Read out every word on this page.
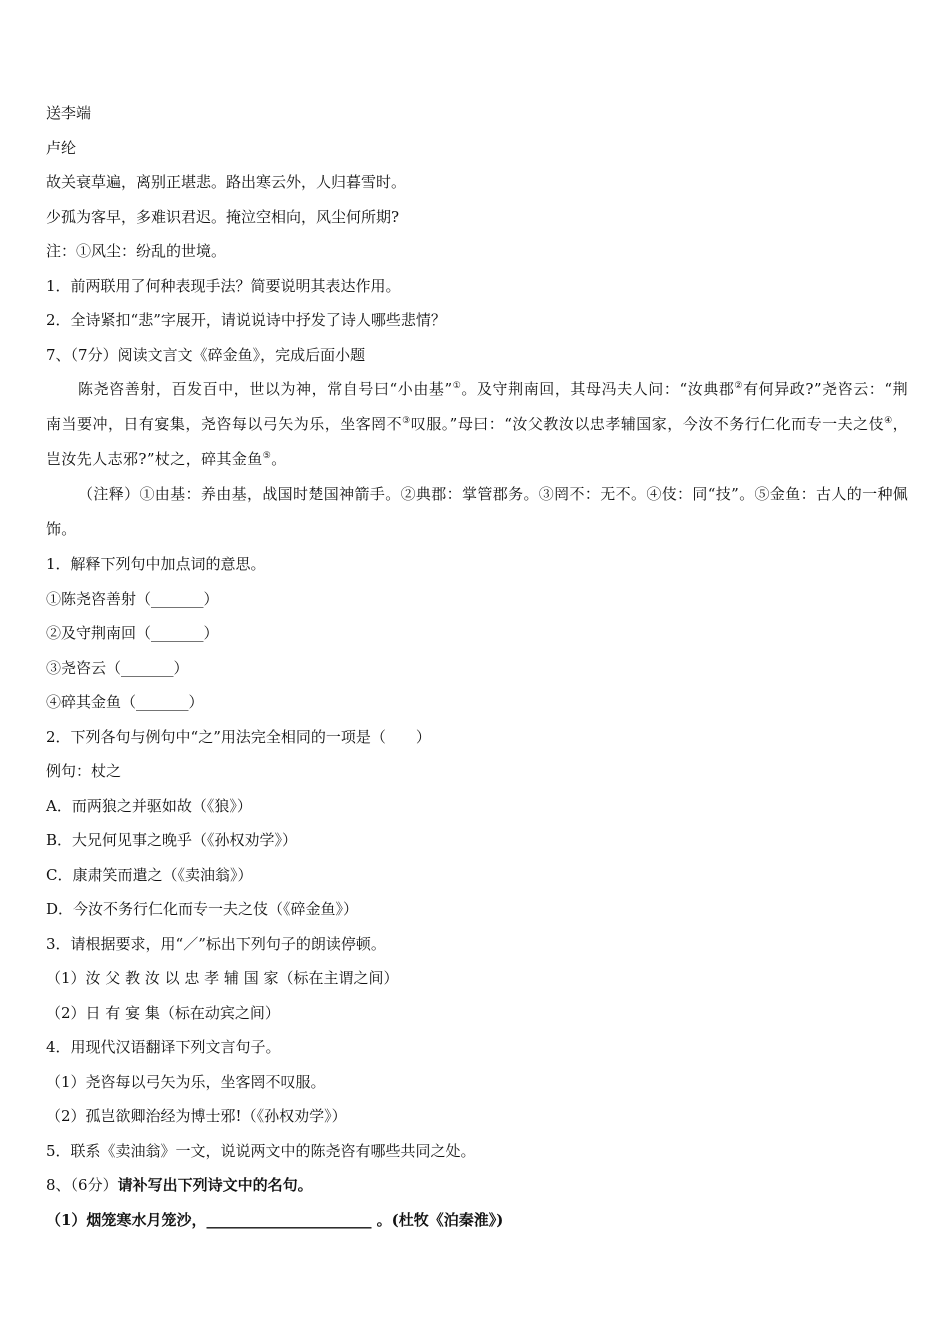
送李端
卢纶
故关衰草遍，离别正堪悲。路出寒云外，人归暮雪时。
少孤为客早，多难识君迟。掩泣空相向，风尘何所期?
注：①风尘：纷乱的世境。
1．前两联用了何种表现手法？简要说明其表达作用。
2．全诗紧扣“悲”字展开，请说说诗中抒发了诗人哪些悲情？
7、（7分）阅读文言文《碎金鱼》，完成后面小题
陈尧咨善射，百发百中，世以为神，常自号曰“小由基”①。及守荆南回，其母冯夫人问：“汝典郡②有何异政?”尧咨云：“荆南当要冲，日有宴集，尧咨每以弓矢为乐，坐客罔不③叹服。”母曰：“汝父教汝以忠孝辅国家，今汝不务行仁化而专一夫之伎④，岂汝先人志邪?”杖之，碎其金鱼⑤。
（注释）①由基：养由基，战国时楚国神箭手。②典郡：掌管郡务。③罔不：无不。④伎：同“技”。⑤金鱼：古人的一种佩饰。
1．解释下列句中加点词的意思。
①陈尧咨善射（_______）
②及守荆南回（_______）
③尧咨云（_______）
④碎其金鱼（_______）
2．下列各句与例句中“之”用法完全相同的一项是（　　）
例句：杖之
A．而两狼之并驱如故（《狼》）
B．大兄何见事之晚乎（《孙权劝学》）
C．康肃笑而遣之（《卖油翁》）
D．今汝不务行仁化而专一夫之伎（《碎金鱼》）
3．请根据要求，用“／”标出下列句子的朗读停顿。
（1）汝 父 教 汝 以 忠 孝 辅 国 家（标在主谓之间）
（2）日 有 宴 集（标在动宾之间）
4．用现代汉语翻译下列文言句子。
（1）尧咨每以弓矢为乐，坐客罔不叹服。
（2）孤岂欲卿治经为博士邪!（《孙权劝学》）
5．联系《卖油翁》一文，说说两文中的陈尧咨有哪些共同之处。
8、（6分）请补写出下列诗文中的名句。
（1）烟笼寒水月笼沙，______________________ 。(杜牧《泊秦淮》)
